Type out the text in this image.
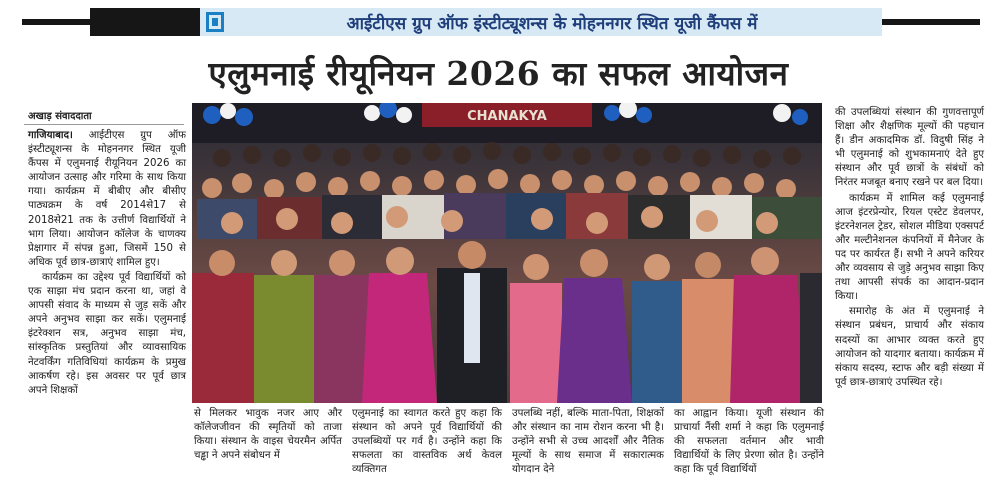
आईटीएस ग्रुप ऑफ इंस्टीट्यूशन्स के मोहननगर स्थित यूजी कैंपस में
एलुमनाई रीयूनियन 2026 का सफल आयोजन
अखाड़ संवाददाता

गाजियाबाद। आईटीएस ग्रुप ऑफ इंस्टीट्यूशन्स के मोहननगर स्थित यूजी कैंपस में एलुमनाई रीयूनियन 2026 का आयोजन उत्साह और गरिमा के साथ किया गया। कार्यक्रम में बीबीए और बीसीए पाठ्यक्रम के वर्ष 2014से17 से 2018से21 तक के उत्तीर्ण विद्यार्थियों ने भाग लिया। आयोजन कॉलेज के चाणक्य प्रेक्षागार में संपन्न हुआ, जिसमें 150 से अधिक पूर्व छात्र-छात्राएं शामिल हुए।

कार्यक्रम का उद्देश्य पूर्व विद्यार्थियों को एक साझा मंच प्रदान करना था, जहां वे आपसी संवाद के माध्यम से जुड़ सकें और अपने अनुभव साझा कर सकें। एलुमनाई इंटरेक्शन सत्र, अनुभव साझा मंच, सांस्कृतिक प्रस्तुतियां और व्यावसायिक नेटवर्किंग गतिविधियां कार्यक्रम के प्रमुख आकर्षण रहे। इस अवसर पर पूर्व छात्र अपने शिक्षकों

CHANAKYA	की उपलब्धियां संस्थान की गुणवत्तापूर्ण शिक्षा और शैक्षणिक मूल्यों की पहचान हैं। डीन अकादमिक डॉ. विदुषी सिंह ने भी एलुमनाई को शुभकामनाएं देते हुए संस्थान और पूर्व छात्रों के संबंधों को निरंतर मजबूत बनाए रखने पर बल दिया।

कार्यक्रम में शामिल कई एलुमनाई आज इंटरप्रेन्योर, रियल एस्टेट डेवलपर, इंटरनेशनल ट्रेडर, सोशल मीडिया एक्सपर्ट और मल्टीनेशनल कंपनियों में मैनेजर के पद पर कार्यरत हैं। सभी ने अपने करियर और व्यवसाय से जुड़े अनुभव साझा किए तथा आपसी संपर्क का आदान-प्रदान किया।

समारोह के अंत में एलुमनाई ने संस्थान प्रबंधन, प्राचार्य और संकाय सदस्यों का आभार व्यक्त करते हुए आयोजन को यादगार बताया। कार्यक्रम में संकाय सदस्य, स्टाफ और बड़ी संख्या में पूर्व छात्र-छात्राएं उपस्थित रहे।

से मिलकर भावुक नजर आए और कॉलेजजीवन की स्मृतियों को ताजा किया। संस्थान के वाइस चेयरमैन अर्पित चड्ढा ने अपने संबोधन में

एलुमनाई का स्वागत करते हुए कहा कि संस्थान को अपने पूर्व विद्यार्थियों की उपलब्धियों पर गर्व है। उन्होंने कहा कि सफलता का वास्तविक अर्थ केवल व्यक्तिगत

उपलब्धि नहीं, बल्कि माता-पिता, शिक्षकों और संस्थान का नाम रोशन करना भी है। उन्होंने सभी से उच्च आदर्शों और नैतिक मूल्यों के साथ समाज में सकारात्मक योगदान देने

का आह्वान किया। यूजी संस्थान की प्राचार्या नैंसी शर्मा ने कहा कि एलुमनाई की सफलता वर्तमान और भावी विद्यार्थियों के लिए प्रेरणा स्रोत है। उन्होंने कहा कि पूर्व विद्यार्थियों
